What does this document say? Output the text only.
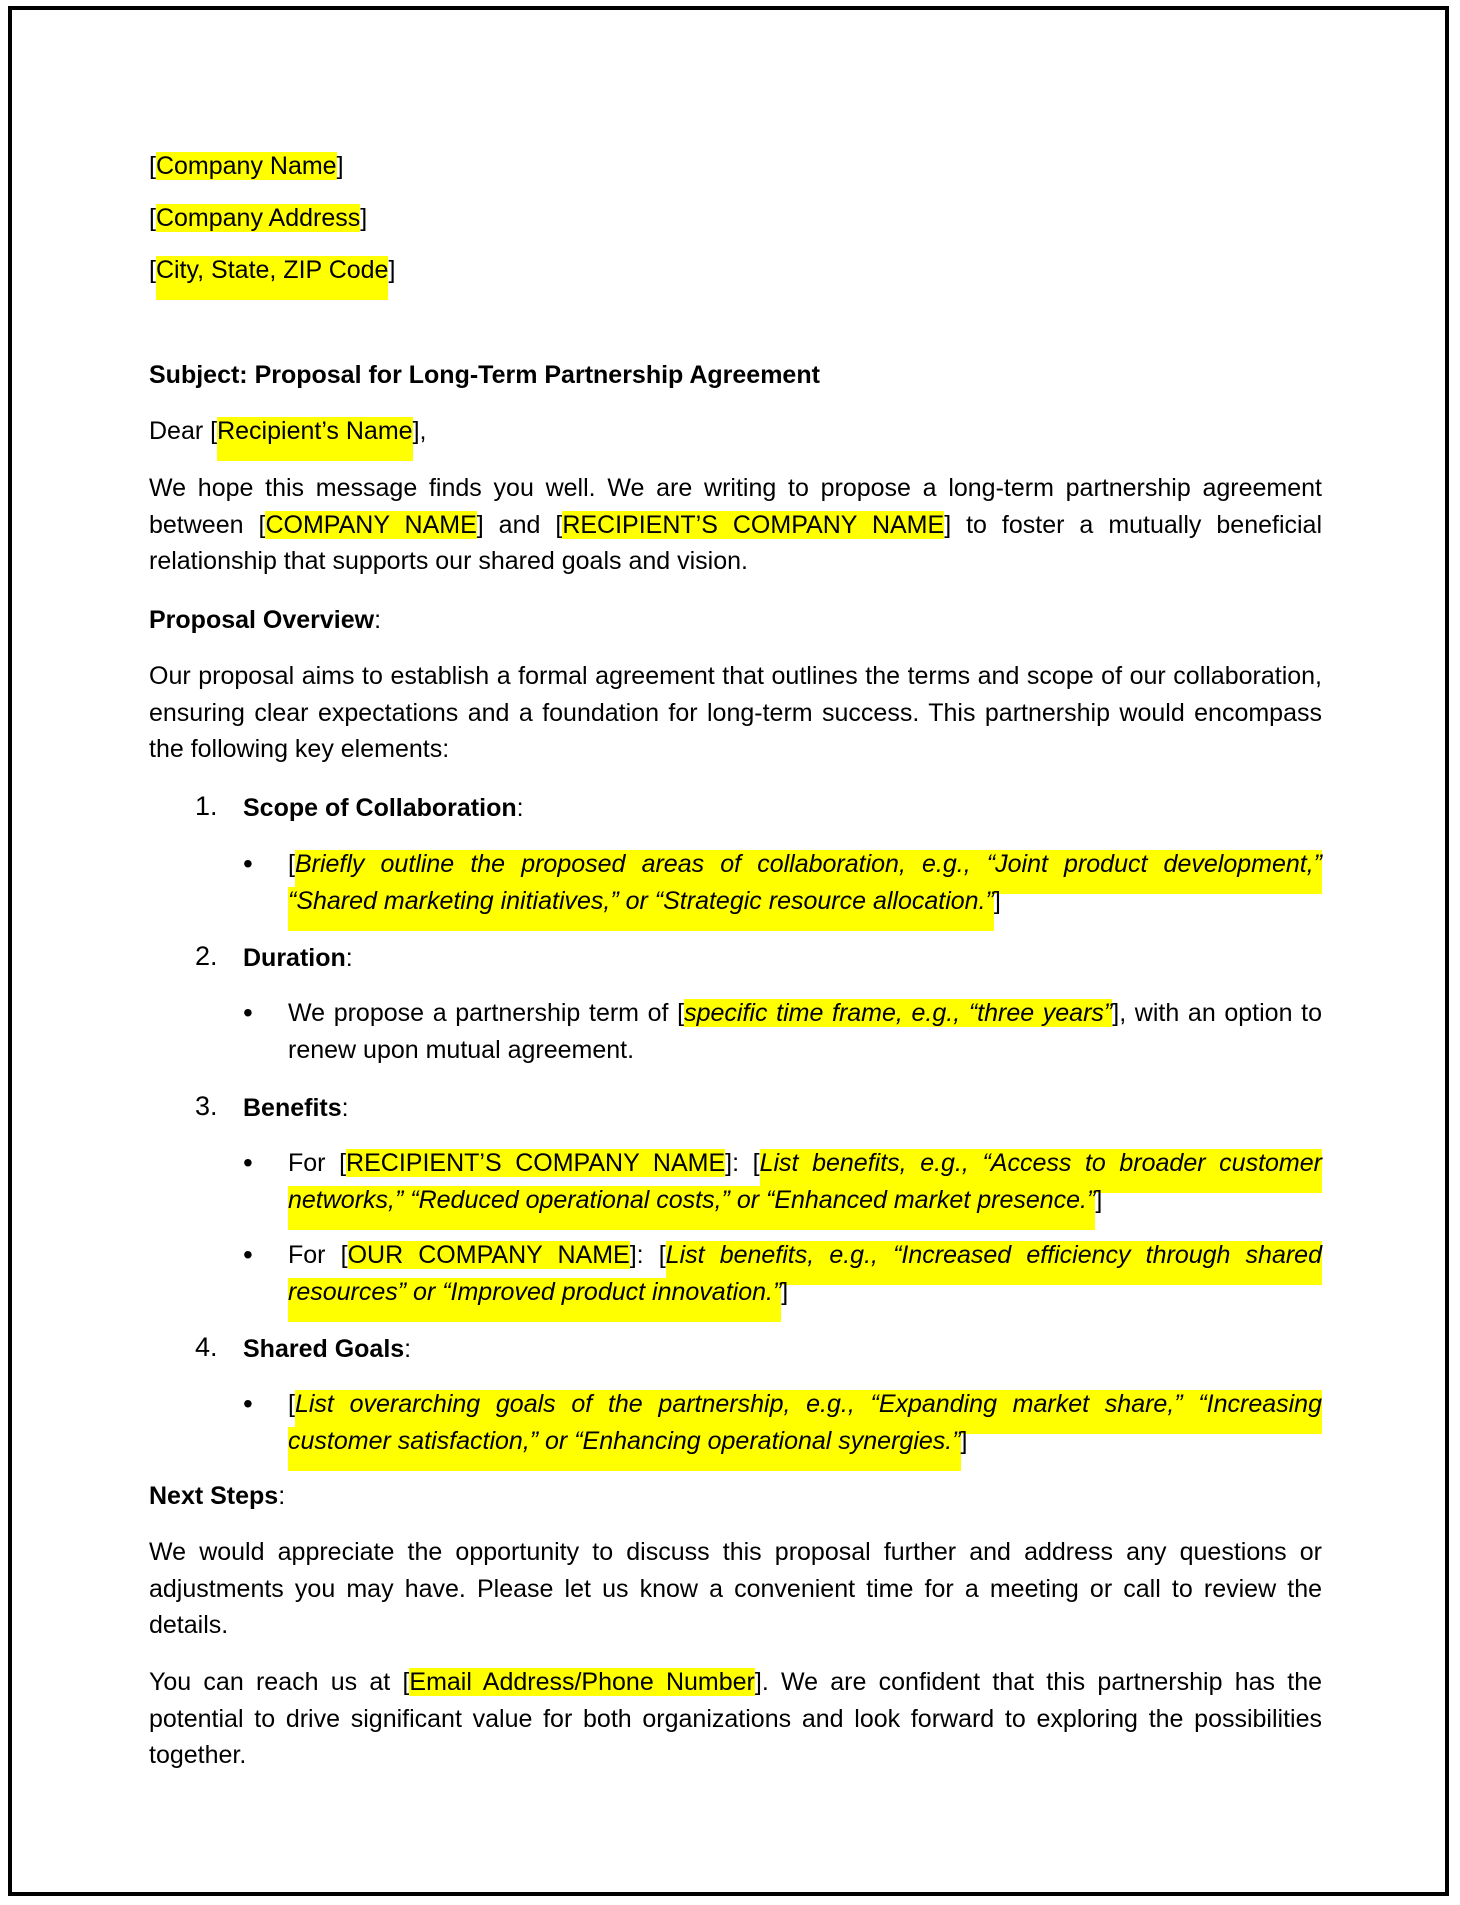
[Company Name]
[Company Address]
[City, State, ZIP Code]
Subject: Proposal for Long-Term Partnership Agreement
Dear [Recipient’s Name],
We hope this message finds you well. We are writing to propose a long-term partnership agreement between [COMPANY NAME] and [RECIPIENT’S COMPANY NAME] to foster a mutually beneficial relationship that supports our shared goals and vision.
Proposal Overview:
Our proposal aims to establish a formal agreement that outlines the terms and scope of our collaboration, ensuring clear expectations and a foundation for long-term success. This partnership would encompass the following key elements:
1. Scope of Collaboration:
• [Briefly outline the proposed areas of collaboration, e.g., “Joint product development,” “Shared marketing initiatives,” or “Strategic resource allocation.”]
2. Duration:
• We propose a partnership term of [specific time frame, e.g., “three years”], with an option to renew upon mutual agreement.
3. Benefits:
• For [RECIPIENT’S COMPANY NAME]: [List benefits, e.g., “Access to broader customer networks,” “Reduced operational costs,” or “Enhanced market presence.”]
• For [OUR COMPANY NAME]: [List benefits, e.g., “Increased efficiency through shared resources” or “Improved product innovation.”]
4. Shared Goals:
• [List overarching goals of the partnership, e.g., “Expanding market share,” “Increasing customer satisfaction,” or “Enhancing operational synergies.”]
Next Steps:
We would appreciate the opportunity to discuss this proposal further and address any questions or adjustments you may have. Please let us know a convenient time for a meeting or call to review the details.
You can reach us at [Email Address/Phone Number]. We are confident that this partnership has the potential to drive significant value for both organizations and look forward to exploring the possibilities together.
